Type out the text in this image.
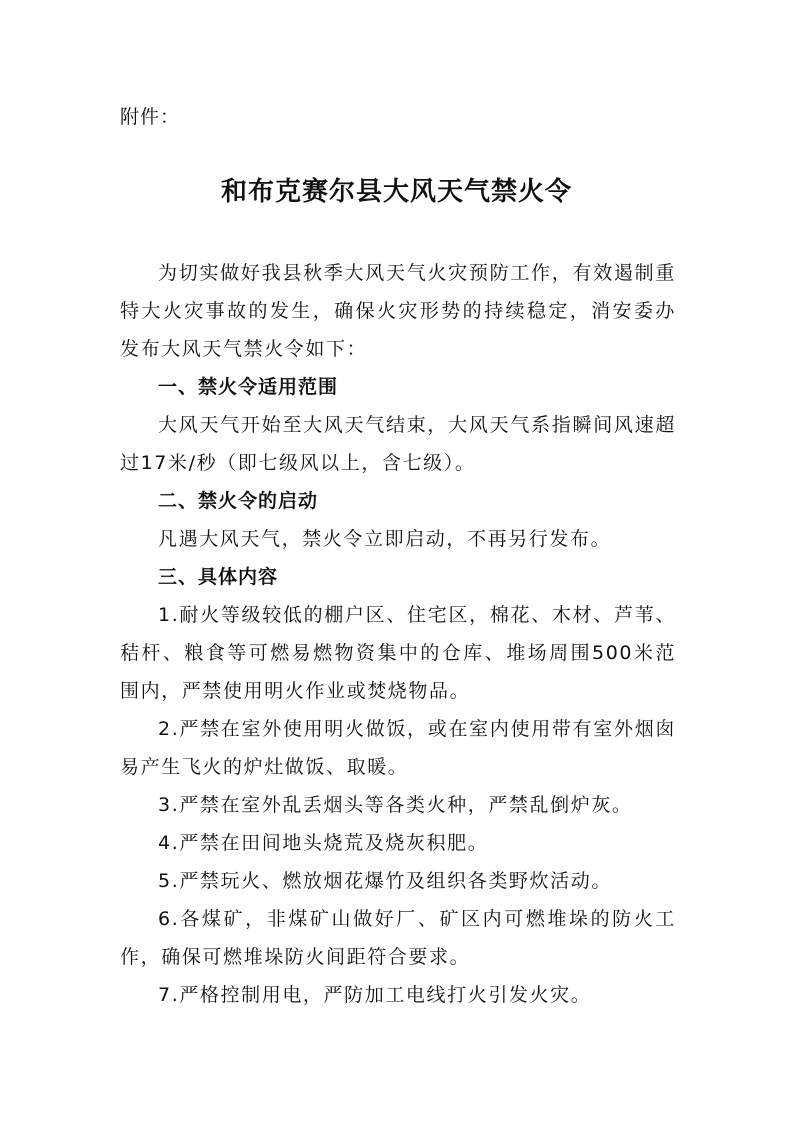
附件：
和布克赛尔县大风天气禁火令

为切实做好我县秋季大风天气火灾预防工作，有效遏制重特大火灾事故的发生，确保火灾形势的持续稳定，消安委办发布大风天气禁火令如下：

一、禁火令适用范围

大风天气开始至大风天气结束，大风天气系指瞬间风速超过17米/秒（即七级风以上，含七级）。

二、禁火令的启动

凡遇大风天气，禁火令立即启动，不再另行发布。

三、具体内容

1.耐火等级较低的棚户区、住宅区，棉花、木材、芦苇、秸杆、粮食等可燃易燃物资集中的仓库、堆场周围500米范围内，严禁使用明火作业或焚烧物品。

2.严禁在室外使用明火做饭，或在室内使用带有室外烟囱易产生飞火的炉灶做饭、取暖。

3.严禁在室外乱丢烟头等各类火种，严禁乱倒炉灰。

4.严禁在田间地头烧荒及烧灰积肥。

5.严禁玩火、燃放烟花爆竹及组织各类野炊活动。

6.各煤矿，非煤矿山做好厂、矿区内可燃堆垛的防火工作，确保可燃堆垛防火间距符合要求。

7.严格控制用电，严防加工电线打火引发火灾。
